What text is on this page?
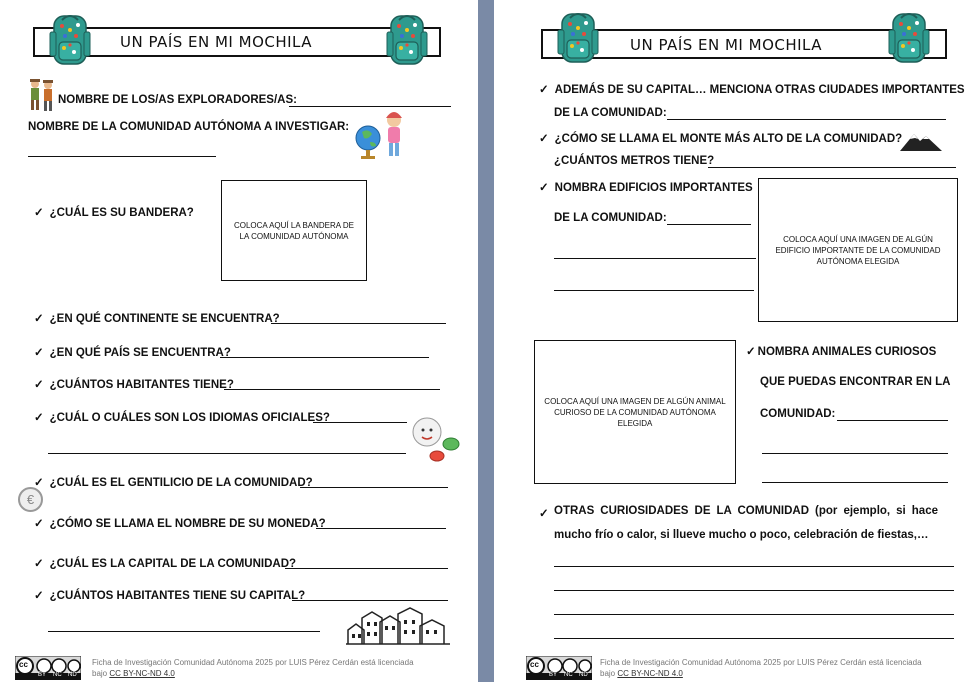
UN PAÍS EN MI MOCHILA
NOMBRE DE LOS/AS EXPLORADORES/AS:
NOMBRE DE LA COMUNIDAD AUTÓNOMA A INVESTIGAR:
✓ ¿CUÁL ES SU BANDERA?
COLOCA AQUÍ LA BANDERA DE LA COMUNIDAD AUTÓNOMA
✓ ¿EN QUÉ CONTINENTE SE ENCUENTRA?
✓ ¿EN QUÉ PAÍS SE ENCUENTRA?
✓ ¿CUÁNTOS HABITANTES TIENE?
✓ ¿CUÁL O CUÁLES SON LOS IDIOMAS OFICIALES?
✓ ¿CUÁL ES EL GENTILICIO DE LA COMUNIDAD?
€
✓ ¿CÓMO SE LLAMA EL NOMBRE DE SU MONEDA?
✓ ¿CUÁL ES LA CAPITAL DE LA COMUNIDAD?
✓ ¿CUÁNTOS HABITANTES TIENE SU CAPITAL?
cc
BY NC ND
Ficha de Investigación Comunidad Autónoma 2025 por LUIS Pérez Cerdán está licenciada bajo CC BY-NC-ND 4.0
UN PAÍS EN MI MOCHILA
✓ ADEMÁS DE SU CAPITAL… MENCIONA OTRAS CIUDADES IMPORTANTES
DE LA COMUNIDAD:
✓ ¿CÓMO SE LLAMA EL MONTE MÁS ALTO DE LA COMUNIDAD?
¿CUÁNTOS METROS TIENE?
✓ NOMBRA EDIFICIOS IMPORTANTES
DE LA COMUNIDAD:
COLOCA AQUÍ UNA IMAGEN DE ALGÚN EDIFICIO IMPORTANTE DE LA COMUNIDAD AUTÓNOMA ELEGIDA
COLOCA AQUÍ UNA IMAGEN DE ALGÚN ANIMAL CURIOSO DE LA COMUNIDAD AUTÓNOMA ELEGIDA
✓ NOMBRA ANIMALES CURIOSOS
QUE PUEDAS ENCONTRAR EN LA
COMUNIDAD:
✓ OTRAS CURIOSIDADES DE LA COMUNIDAD (por ejemplo, si hace mucho frío o calor, si llueve mucho o poco, celebración de fiestas,…
cc
BY NC ND
Ficha de Investigación Comunidad Autónoma 2025 por LUIS Pérez Cerdán está licenciada bajo CC BY-NC-ND 4.0
